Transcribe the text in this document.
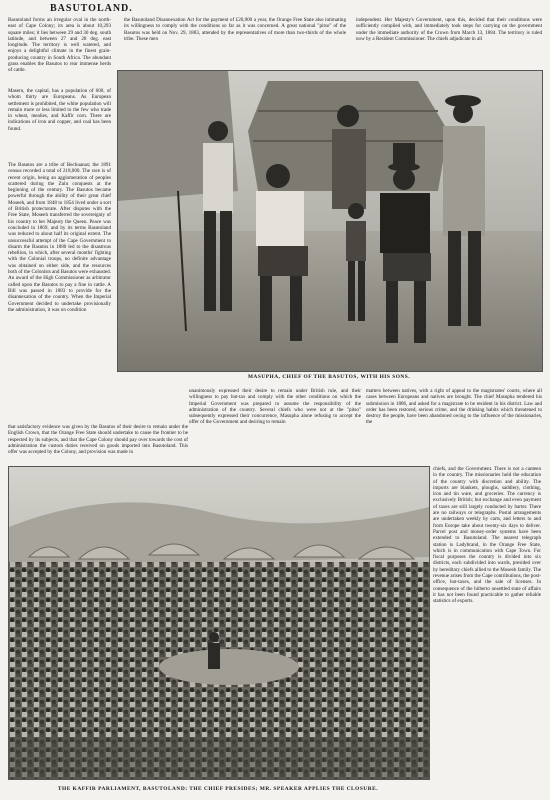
BASUTOLAND.

Basutoland forms an irregular oval in the north-east of Cape Colony; its area is about 10,293 square miles; it lies between 29 and 30 deg. south latitude, and between 27 and 28 deg. east longitude. The territory is well watered, and enjoys a delightful climate in the finest grain-producing country in South Africa. The abundant grass enables the Basutos to rear immense herds of cattle.

Maseru, the capital, has a population of 600, of whom thirty are Europeans. As European settlement is prohibited, the white population will remain more or less limited to the few who trade in wheat, mealies, and Kaffir corn. There are indications of iron and copper, and coal has been found.

The Basutos are a tribe of Bechuanas; the 1891 census recorded a total of 218,000. The race is of recent origin, being an agglomeration of peoples scattered during the Zulu conquests at the beginning of the century. The Basutos became powerful through the ability of their great chief Moseeh, and from 1848 to 1854 lived under a sort of British protectorate. After disputes with the Free State, Moseeh transferred the sovereignty of his country to her Majesty the Queen. Peace was concluded in 1869, and by its terms Basutoland was reduced to about half its original extent. The unsuccessful attempt of the Cape Government to disarm the Basutos in 1880 led to the disastrous rebellion, in which, after several months' fighting with the Colonial troops, no definite advantage was obtained on either side, and the resources both of the Colonists and Basutos were exhausted. An award of the High Commissioner as arbitrator called upon the Basutos to pay a fine in cattle. A Bill was passed in 1883 to provide for the disannexation of the country. When the Imperial Government decided to undertake provisionally the administration, it was on condition

the Basutoland Disannexation Act for the payment of £20,000 a year, the Orange Free State also intimating its willingness to comply with the conditions so far as it was concerned. A great national "pitso" of the Basutos was held on Nov. 29, 1883, attended by the representatives of more than two-thirds of the whole tribe. These men

independent. Her Majesty's Government, upon this, decided that their conditions were sufficiently complied with, and immediately took steps for carrying on the government under the immediate authority of the Crown from March 13, 1884. The territory is ruled now by a Resident Commissioner. The chiefs adjudicate in all

MASUPHA, CHIEF OF THE BASUTOS, WITH HIS SONS.

that satisfactory evidence was given by the Basutos of their desire to remain under the English Crown, that the Orange Free State should undertake to cause the frontier to be respected by its subjects, and that the Cape Colony should pay over towards the cost of administration the custom duties received on goods imported into Basutoland. This offer was accepted by the Colony, and provision was made in

unanimously expressed their desire to remain under British rule, and their willingness to pay hut-tax and comply with the other conditions on which the Imperial Government was prepared to assume the responsibility of the administration of the country. Several chiefs who were not at the "pitso" subsequently expressed their concurrence, Masupha alone refusing to accept the offer of the Government and desiring to remain

matters between natives, with a right of appeal to the magistrates' courts, where all cases between Europeans and natives are brought. The chief Masupha tendered his submission in 1886, and asked for a magistrate to be resident in his district. Law and order has been restored, serious crime, and the drinking habits which threatened to destroy the people, have been abandoned owing to the influence of the missionaries, the

THE KAFFIR PARLIAMENT, BASUTOLAND: THE CHIEF PRESIDES; MR. SPEAKER APPLIES THE CLOSURE.

chiefs, and the Government. There is not a canteen in the country. The missionaries hold the education of the country with discretion and ability. The imports are blankets, ploughs, saddlery, clothing, iron and tin ware, and groceries. The currency is exclusively British; but exchange and even payment of taxes are still largely conducted by barter. There are no railways or telegraphs. Postal arrangements are undertaken weekly by carts, and letters to and from Europe take about twenty-six days to deliver. Parcel post and money-order systems have been extended to Basutoland. The nearest telegraph station is Ladybrand, in the Orange Free State, which is in communication with Cape Town. For fiscal purposes the country is divided into six districts, each subdivided into wards, presided over by hereditary chiefs allied to the Moseeh family. The revenue arises from the Cape contributions, the post-office, hut-taxes, and the sale of licenses. In consequence of the hitherto unsettled state of affairs it has not been found practicable to gather reliable statistics of exports.
